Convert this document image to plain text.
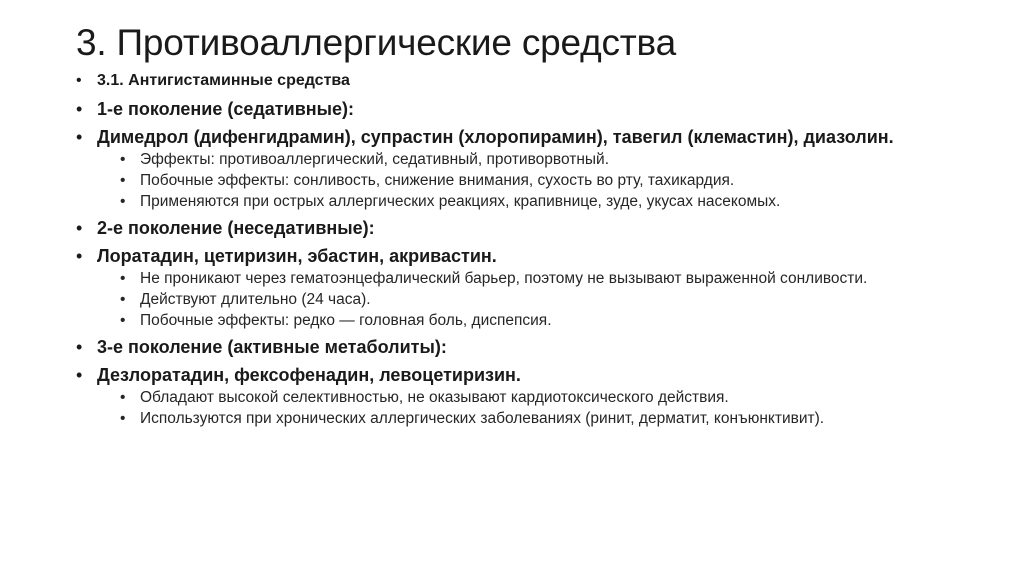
3. Противоаллергические средства
• 3.1. Антигистаминные средства
• 1-е поколение (седативные):
• Димедрол (дифенгидрамин), супрастин (хлоропирамин), тавегил (клемастин), диазолин.
• Эффекты: противоаллергический, седативный, противорвотный.
• Побочные эффекты: сонливость, снижение внимания, сухость во рту, тахикардия.
• Применяются при острых аллергических реакциях, крапивнице, зуде, укусах насекомых.
• 2-е поколение (неседативные):
• Лоратадин, цетиризин, эбастин, акривастин.
• Не проникают через гематоэнцефалический барьер, поэтому не вызывают выраженной сонливости.
• Действуют длительно (24 часа).
• Побочные эффекты: редко — головная боль, диспепсия.
• 3-е поколение (активные метаболиты):
• Дезлоратадин, фексофенадин, левоцетиризин.
• Обладают высокой селективностью, не оказывают кардиотоксического действия.
• Используются при хронических аллергических заболеваниях (ринит, дерматит, конъюнктивит).
